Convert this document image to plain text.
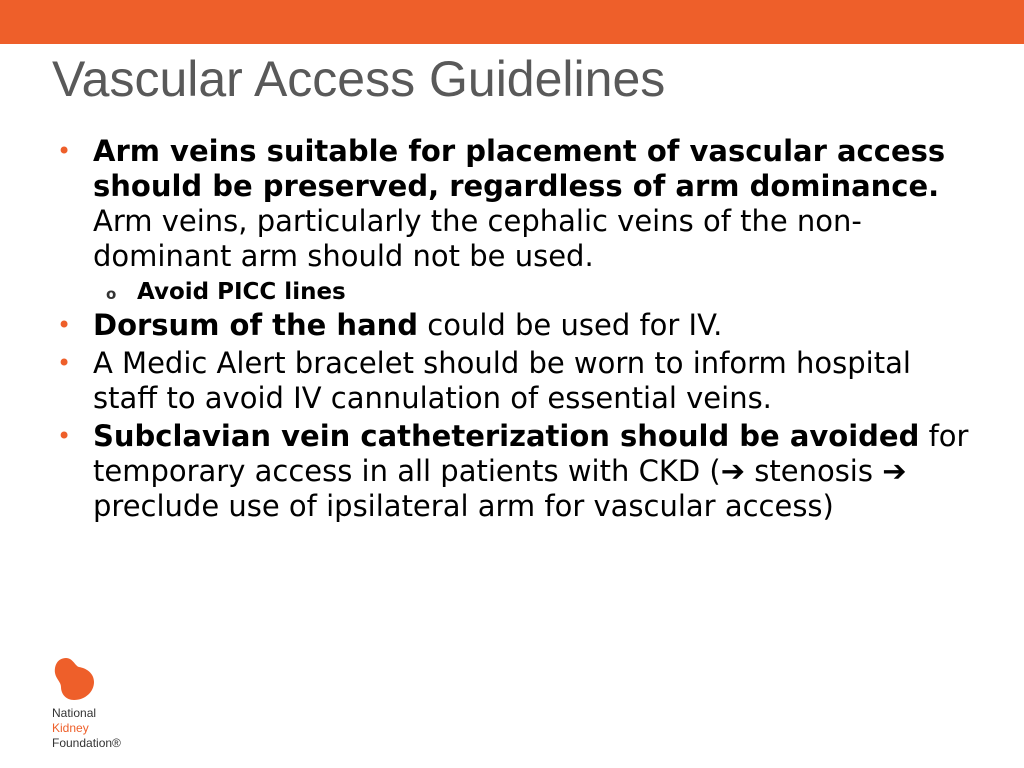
Vascular Access Guidelines
• Arm veins suitable for placement of vascular access should be preserved, regardless of arm dominance. Arm veins, particularly the cephalic veins of the non-dominant arm should not be used.
o Avoid PICC lines
• Dorsum of the hand could be used for IV.
• A Medic Alert bracelet should be worn to inform hospital staff to avoid IV cannulation of essential veins.
• Subclavian vein catheterization should be avoided for temporary access in all patients with CKD (➔ stenosis ➔ preclude use of ipsilateral arm for vascular access)
National
Kidney
Foundation®
